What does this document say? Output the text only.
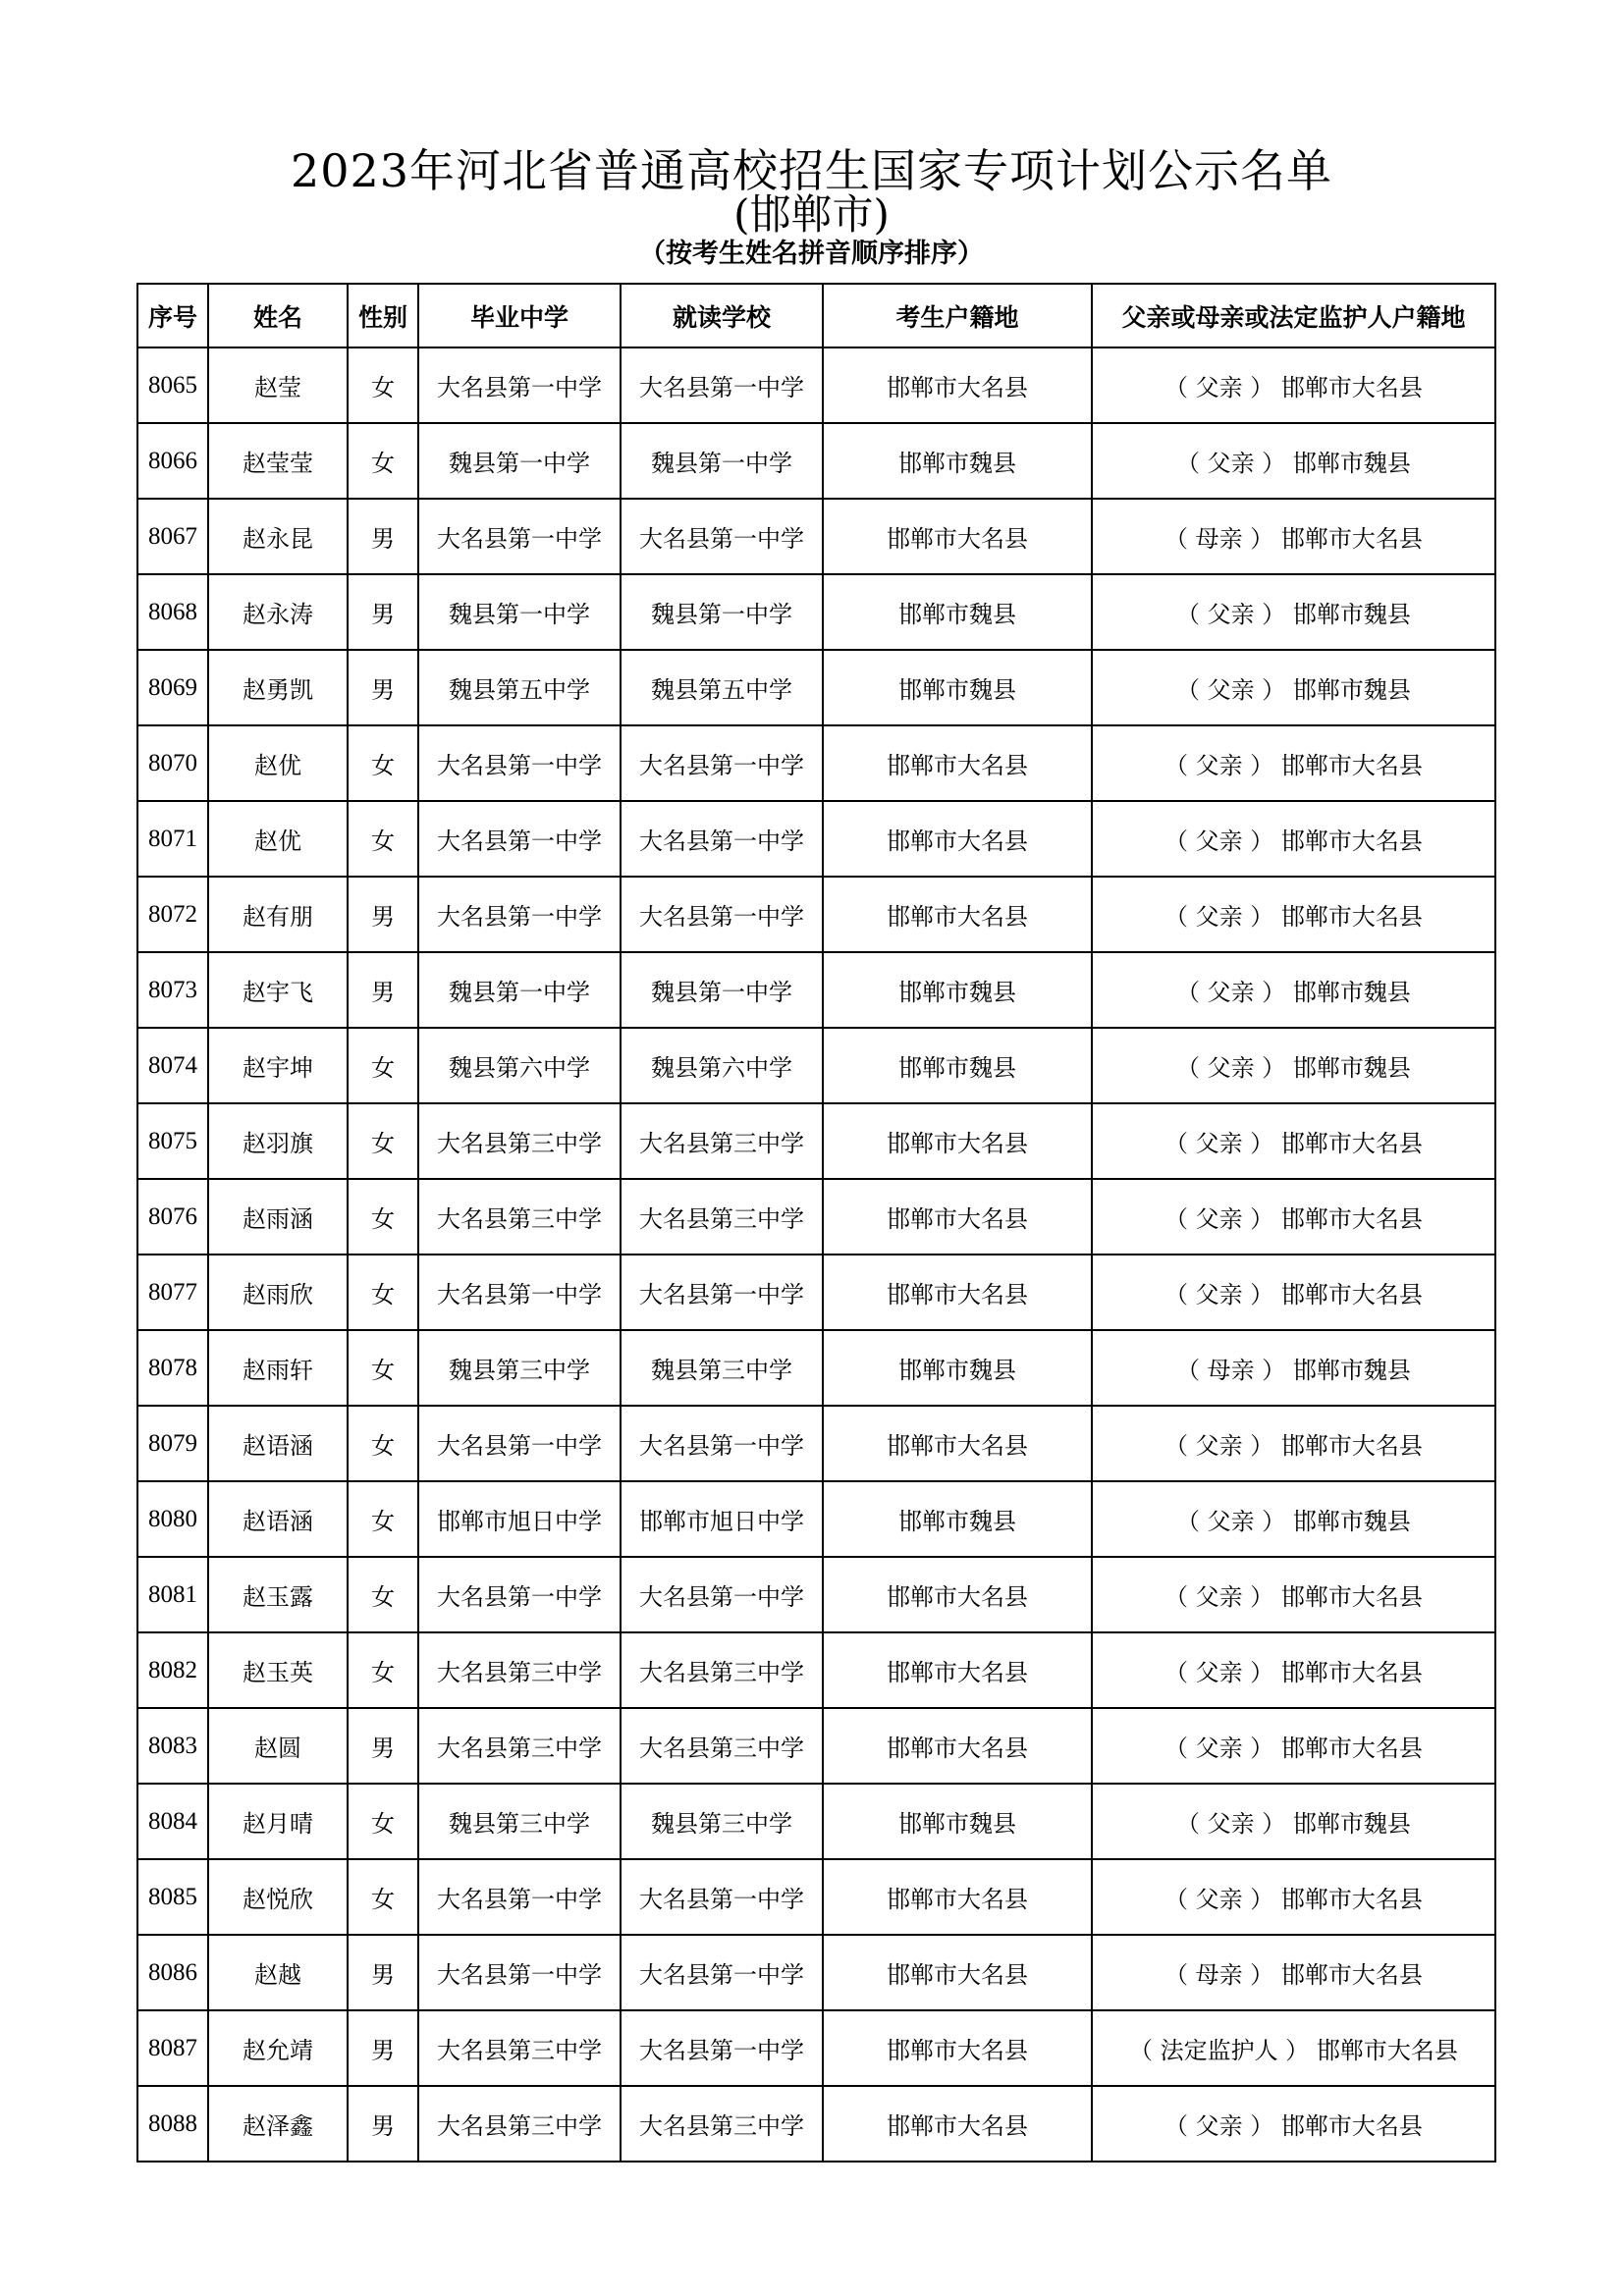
2023年河北省普通高校招生国家专项计划公示名单
(邯郸市)
（按考生姓名拼音顺序排序）
序号	姓名	性别	毕业中学	就读学校	考生户籍地	父亲或母亲或法定监护人户籍地
8065	赵莹	女	大名县第一中学	大名县第一中学	邯郸市大名县	（ 父亲 ） 邯郸市大名县
8066	赵莹莹	女	魏县第一中学	魏县第一中学	邯郸市魏县	（ 父亲 ） 邯郸市魏县
8067	赵永昆	男	大名县第一中学	大名县第一中学	邯郸市大名县	（ 母亲 ） 邯郸市大名县
8068	赵永涛	男	魏县第一中学	魏县第一中学	邯郸市魏县	（ 父亲 ） 邯郸市魏县
8069	赵勇凯	男	魏县第五中学	魏县第五中学	邯郸市魏县	（ 父亲 ） 邯郸市魏县
8070	赵优	女	大名县第一中学	大名县第一中学	邯郸市大名县	（ 父亲 ） 邯郸市大名县
8071	赵优	女	大名县第一中学	大名县第一中学	邯郸市大名县	（ 父亲 ） 邯郸市大名县
8072	赵有朋	男	大名县第一中学	大名县第一中学	邯郸市大名县	（ 父亲 ） 邯郸市大名县
8073	赵宇飞	男	魏县第一中学	魏县第一中学	邯郸市魏县	（ 父亲 ） 邯郸市魏县
8074	赵宇坤	女	魏县第六中学	魏县第六中学	邯郸市魏县	（ 父亲 ） 邯郸市魏县
8075	赵羽旗	女	大名县第三中学	大名县第三中学	邯郸市大名县	（ 父亲 ） 邯郸市大名县
8076	赵雨涵	女	大名县第三中学	大名县第三中学	邯郸市大名县	（ 父亲 ） 邯郸市大名县
8077	赵雨欣	女	大名县第一中学	大名县第一中学	邯郸市大名县	（ 父亲 ） 邯郸市大名县
8078	赵雨轩	女	魏县第三中学	魏县第三中学	邯郸市魏县	（ 母亲 ） 邯郸市魏县
8079	赵语涵	女	大名县第一中学	大名县第一中学	邯郸市大名县	（ 父亲 ） 邯郸市大名县
8080	赵语涵	女	邯郸市旭日中学	邯郸市旭日中学	邯郸市魏县	（ 父亲 ） 邯郸市魏县
8081	赵玉露	女	大名县第一中学	大名县第一中学	邯郸市大名县	（ 父亲 ） 邯郸市大名县
8082	赵玉英	女	大名县第三中学	大名县第三中学	邯郸市大名县	（ 父亲 ） 邯郸市大名县
8083	赵圆	男	大名县第三中学	大名县第三中学	邯郸市大名县	（ 父亲 ） 邯郸市大名县
8084	赵月晴	女	魏县第三中学	魏县第三中学	邯郸市魏县	（ 父亲 ） 邯郸市魏县
8085	赵悦欣	女	大名县第一中学	大名县第一中学	邯郸市大名县	（ 父亲 ） 邯郸市大名县
8086	赵越	男	大名县第一中学	大名县第一中学	邯郸市大名县	（ 母亲 ） 邯郸市大名县
8087	赵允靖	男	大名县第三中学	大名县第一中学	邯郸市大名县	（ 法定监护人 ） 邯郸市大名县
8088	赵泽鑫	男	大名县第三中学	大名县第三中学	邯郸市大名县	（ 父亲 ） 邯郸市大名县
